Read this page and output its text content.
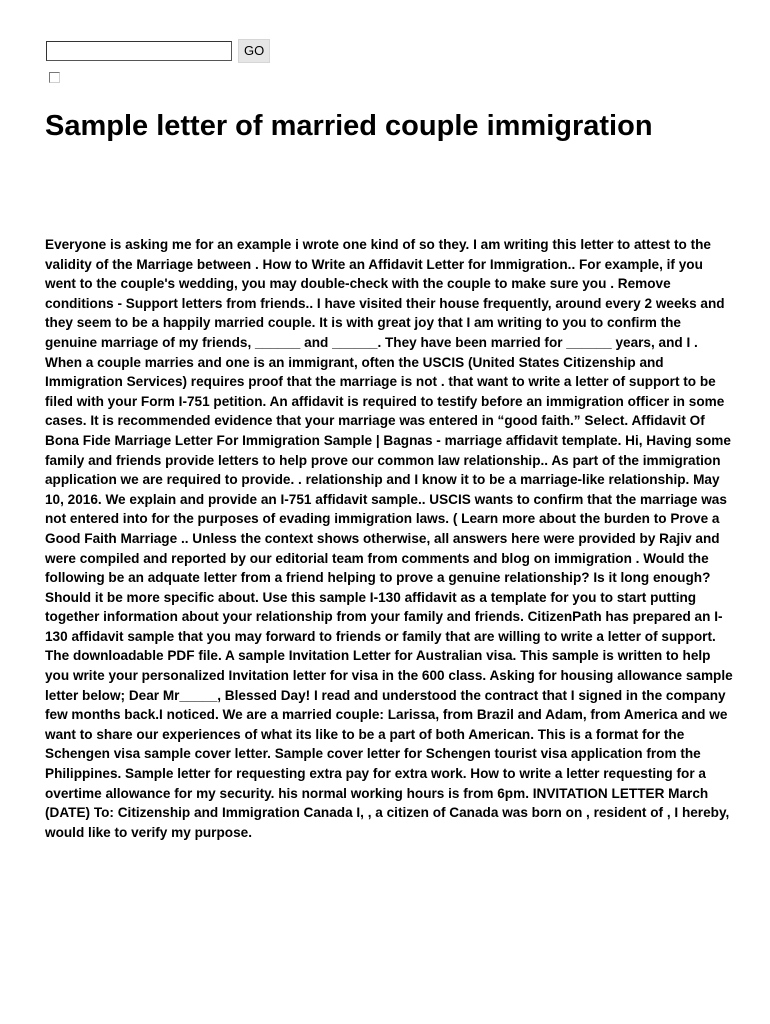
GO
Sample letter of married couple immigration

Everyone is asking me for an example i wrote one kind of so they. I am writing this letter to attest to the validity of the Marriage between . How to Write an Affidavit Letter for Immigration.. For example, if you went to the couple's wedding, you may double-check with the couple to make sure you . Remove conditions - Support letters from friends.. I have visited their house frequently, around every 2 weeks and they seem to be a happily married couple. It is with great joy that I am writing to you to confirm the genuine marriage of my friends, ______ and ______. They have been married for ______ years, and I . When a couple marries and one is an immigrant, often the USCIS (United States Citizenship and Immigration Services) requires proof that the marriage is not . that want to write a letter of support to be filed with your Form I-751 petition. An affidavit is required to testify before an immigration officer in some cases. It is recommended evidence that your marriage was entered in “good faith.” Select. Affidavit Of Bona Fide Marriage Letter For Immigration Sample | Bagnas - marriage affidavit template. Hi, Having some family and friends provide letters to help prove our common law relationship.. As part of the immigration application we are required to provide. . relationship and I know it to be a marriage-like relationship. May 10, 2016. We explain and provide an I-751 affidavit sample.. USCIS wants to confirm that the marriage was not entered into for the purposes of evading immigration laws. ( Learn more about the burden to Prove a Good Faith Marriage .. Unless the context shows otherwise, all answers here were provided by Rajiv and were compiled and reported by our editorial team from comments and blog on immigration . Would the following be an adquate letter from a friend helping to prove a genuine relationship? Is it long enough? Should it be more specific about. Use this sample I-130 affidavit as a template for you to start putting together information about your relationship from your family and friends. CitizenPath has prepared an I-130 affidavit sample that you may forward to friends or family that are willing to write a letter of support. The downloadable PDF file. A sample Invitation Letter for Australian visa. This sample is written to help you write your personalized Invitation letter for visa in the 600 class. Asking for housing allowance sample letter below; Dear Mr_____, Blessed Day! I read and understood the contract that I signed in the company few months back.I noticed. We are a married couple: Larissa, from Brazil and Adam, from America and we want to share our experiences of what its like to be a part of both American. This is a format for the Schengen visa sample cover letter. Sample cover letter for Schengen tourist visa application from the Philippines. Sample letter for requesting extra pay for extra work. How to write a letter requesting for a overtime allowance for my security. his normal working hours is from 6pm. INVITATION LETTER March (DATE) To: Citizenship and Immigration Canada I, , a citizen of Canada was born on , resident of , I hereby, would like to verify my purpose.
